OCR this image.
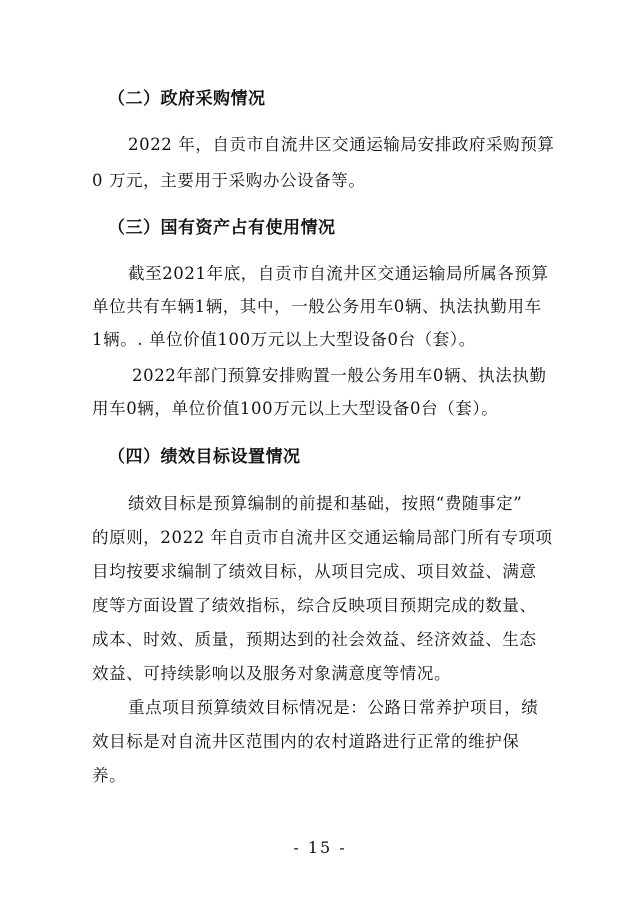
（二）政府采购情况
2022 年，自贡市自流井区交通运输局安排政府采购预算
0 万元，主要用于采购办公设备等。
（三）国有资产占有使用情况
截至2021年底，自贡市自流井区交通运输局所属各预算
单位共有车辆1辆，其中，一般公务用车0辆、执法执勤用车
1辆。. 单位价值100万元以上大型设备0台（套）。
2022年部门预算安排购置一般公务用车0辆、执法执勤
用车0辆，单位价值100万元以上大型设备0台（套）。
（四）绩效目标设置情况
绩效目标是预算编制的前提和基础，按照“费随事定”
的原则，2022 年自贡市自流井区交通运输局部门所有专项项
目均按要求编制了绩效目标，从项目完成、项目效益、满意
度等方面设置了绩效指标，综合反映项目预期完成的数量、
成本、时效、质量，预期达到的社会效益、经济效益、生态
效益、可持续影响以及服务对象满意度等情况。
重点项目预算绩效目标情况是：公路日常养护项目，绩
效目标是对自流井区范围内的农村道路进行正常的维护保
养。
- 15 -
